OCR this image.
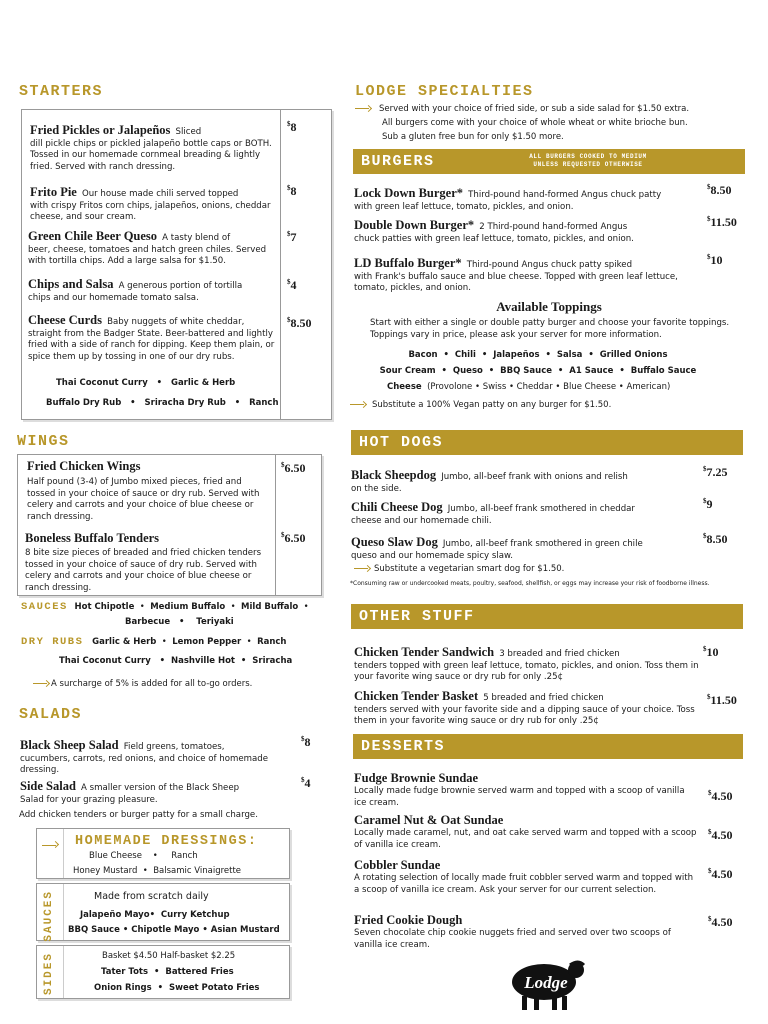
STARTERS
Fried Pickles or Jalapeños Sliced
dill pickle chips or pickled jalapeño bottle caps or BOTH. Tossed in our homemade cornmeal breading & lightly fried. Served with ranch dressing.
$8
Frito Pie Our house made chili served topped
with crispy Fritos corn chips, jalapeños, onions, cheddar cheese, and sour cream.
$8
Green Chile Beer Queso A tasty blend of
beer, cheese, tomatoes and hatch green chiles. Served with tortilla chips. Add a large salsa for $1.50.
$7
Chips and Salsa A generous portion of tortilla
chips and our homemade tomato salsa.
$4
Cheese Curds Baby nuggets of white cheddar,
straight from the Badger State. Beer-battered and lightly fried with a side of ranch for dipping. Keep them plain, or spice them up by tossing in one of our dry rubs.
$8.50
Thai Coconut Curry   •   Garlic & Herb
Buffalo Dry Rub   •   Sriracha Dry Rub   •   Ranch
WINGS
Fried Chicken Wings
Half pound (3-4) of Jumbo mixed pieces, fried and tossed in your choice of sauce or dry rub. Served with celery and carrots and your choice of blue cheese or ranch dressing.
$6.50
Boneless Buffalo Tenders
8 bite size pieces of breaded and fried chicken tenders tossed in your choice of sauce of dry rub. Served with celery and carrots and your choice of blue cheese or ranch dressing.
$6.50
SAUCES Hot Chipotle  •  Medium Buffalo  •  Mild Buffalo  •
Barbecue   •    Teriyaki
DRY RUBS Garlic & Herb  •  Lemon Pepper  •  Ranch
Thai Coconut Curry   •  Nashville Hot  •  Sriracha
A surcharge of 5% is added for all to-go orders.
SALADS
Black Sheep Salad Field greens, tomatoes,
cucumbers, carrots, red onions, and choice of homemade dressing.
$8
Side Salad A smaller version of the Black Sheep
Salad for your grazing pleasure.
$4
Add chicken tenders or burger patty for a small charge.
HOMEMADE DRESSINGS:
Blue Cheese    •     Ranch
Honey Mustard  •  Balsamic Vinaigrette
SAUCES	Made from scratch daily
Jalapeño Mayo•  Curry Ketchup
BBQ Sauce • Chipotle Mayo • Asian Mustard
SIDES	Basket $4.50 Half-basket $2.25
Tater Tots  •  Battered Fries
Onion Rings  •  Sweet Potato Fries
LODGE SPECIALTIES
Served with your choice of fried side, or sub a side salad for $1.50 extra.
All burgers come with your choice of whole wheat or white brioche bun.
Sub a gluten free bun for only $1.50 more.
BURGERS	ALL BURGERS COOKED TO MEDIUM
UNLESS REQUESTED OTHERWISE
Lock Down Burger* Third-pound hand-formed Angus chuck patty
with green leaf lettuce, tomato, pickles, and onion.
$8.50
Double Down Burger* 2 Third-pound hand-formed Angus
chuck patties with green leaf lettuce, tomato, pickles, and onion.
$11.50
LD Buffalo Burger* Third-pound Angus chuck patty spiked
with Frank's buffalo sauce and blue cheese. Topped with green leaf lettuce, tomato, pickles, and onion.
$10
Available Toppings
Start with either a single or double patty burger and choose your favorite toppings. Toppings vary in price, please ask your server for more information.
Bacon  •  Chili  •  Jalapeños  •  Salsa  •  Grilled Onions
Sour Cream  •  Queso  •  BBQ Sauce  •  A1 Sauce  •  Buffalo Sauce
Cheese (Provolone • Swiss • Cheddar • Blue Cheese • American)
Substitute a 100% Vegan patty on any burger for $1.50.
HOT DOGS
Black Sheepdog Jumbo, all-beef frank with onions and relish
on the side.
$7.25
Chili Cheese Dog Jumbo, all-beef frank smothered in cheddar
cheese and our homemade chili.
$9
Queso Slaw Dog Jumbo, all-beef frank smothered in green chile
queso and our homemade spicy slaw.
$8.50
Substitute a vegetarian smart dog for $1.50.
*Consuming raw or undercooked meats, poultry, seafood, shellfish, or eggs may increase your risk of foodborne illness.
OTHER STUFF
Chicken Tender Sandwich 3 breaded and fried chicken
tenders topped with green leaf lettuce, tomato, pickles, and onion. Toss them in your favorite wing sauce or dry rub for only .25¢
$10
Chicken Tender Basket 5 breaded and fried chicken
tenders served with your favorite side and a dipping sauce of your choice. Toss them in your favorite wing sauce or dry rub for only .25¢
$11.50
DESSERTS
Fudge Brownie Sundae
Locally made fudge brownie served warm and topped with a scoop of vanilla ice cream.
$4.50
Caramel Nut & Oat Sundae
Locally made caramel, nut, and oat cake served warm and topped with a scoop of vanilla ice cream.
$4.50
Cobbler Sundae
A rotating selection of locally made fruit cobbler served warm and topped with a scoop of vanilla ice cream. Ask your server for our current selection.
$4.50
Fried Cookie Dough
Seven chocolate chip cookie nuggets fried and served over two scoops of vanilla ice cream.
$4.50
Lodge
